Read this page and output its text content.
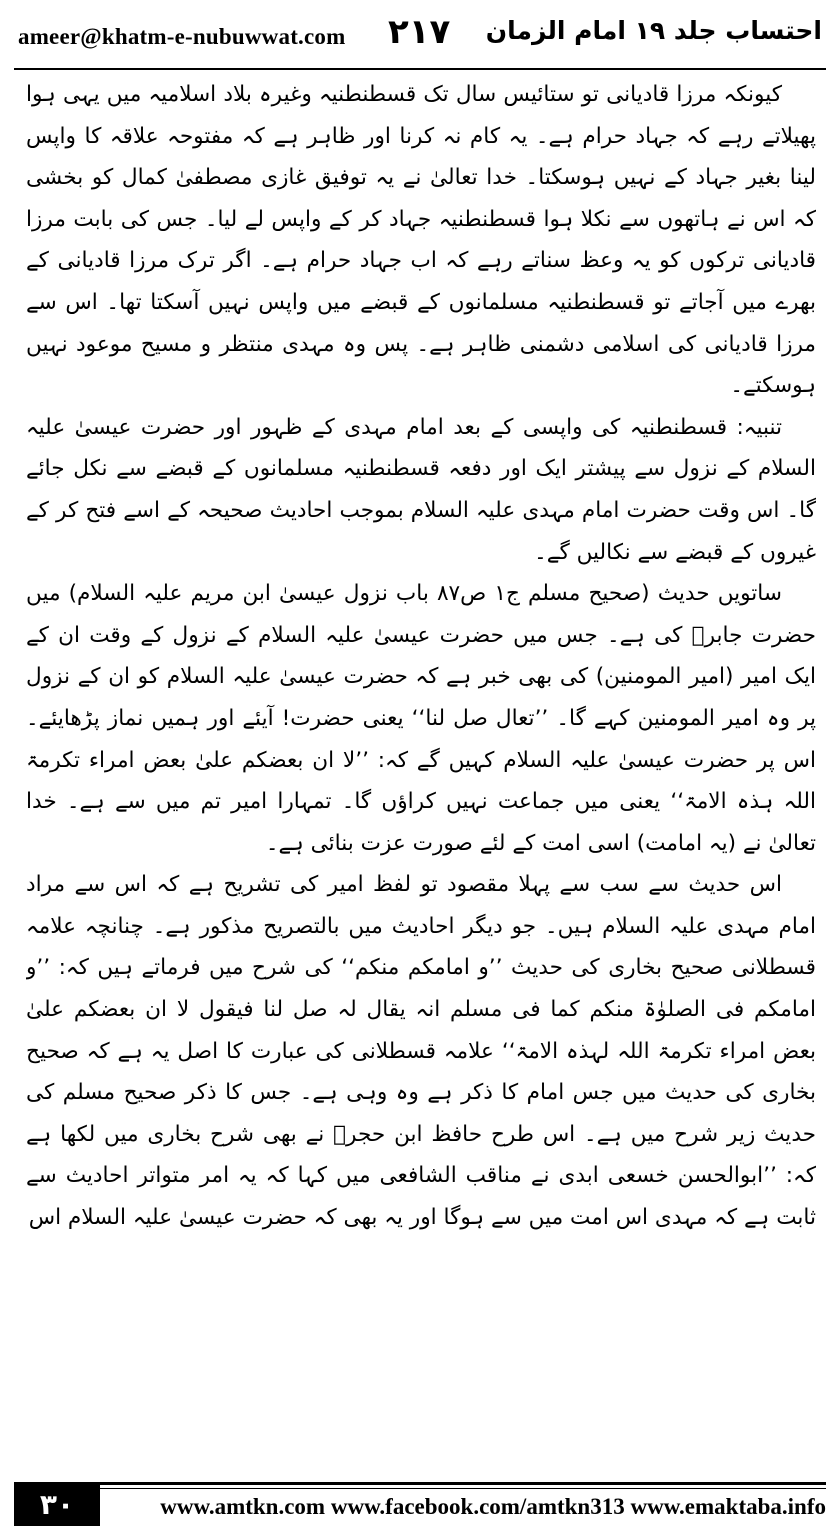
ameer@khatm-e-nubuwwat.com ۲۱۷ احتساب جلد ۱۹ امام الزمان

کیونکہ مرزا قادیانی تو ستائیس سال تک قسطنطنیہ وغیرہ بلاد اسلامیہ میں یہی ہوا پھیلاتے رہے کہ جہاد حرام ہے۔ یہ کام نہ کرنا اور ظاہر ہے کہ مفتوحہ علاقہ کا واپس لینا بغیر جہاد کے نہیں ہوسکتا۔ خدا تعالیٰ نے یہ توفیق غازی مصطفیٰ کمال کو بخشی کہ اس نے ہاتھوں سے نکلا ہوا قسطنطنیہ جہاد کر کے واپس لے لیا۔ جس کی بابت مرزا قادیانی ترکوں کو یہ وعظ سناتے رہے کہ اب جہاد حرام ہے۔ اگر ترک مرزا قادیانی کے بھرے میں آجاتے تو قسطنطنیہ مسلمانوں کے قبضے میں واپس نہیں آسکتا تھا۔ اس سے مرزا قادیانی کی اسلامی دشمنی ظاہر ہے۔ پس وہ مہدی منتظر و مسیح موعود نہیں ہوسکتے۔

تنبیہ: قسطنطنیہ کی واپسی کے بعد امام مہدی کے ظہور اور حضرت عیسیٰ علیہ السلام کے نزول سے پیشتر ایک اور دفعہ قسطنطنیہ مسلمانوں کے قبضے سے نکل جائے گا۔ اس وقت حضرت امام مہدی علیہ السلام بموجب احادیث صحیحہ کے اسے فتح کر کے غیروں کے قبضے سے نکالیں گے۔

ساتویں حدیث (صحیح مسلم ج۱ ص۸۷ باب نزول عیسیٰ ابن مریم علیہ السلام) میں حضرت جابرؓ کی ہے۔ جس میں حضرت عیسیٰ علیہ السلام کے نزول کے وقت ان کے ایک امیر (امیر المومنین) کی بھی خبر ہے کہ حضرت عیسیٰ علیہ السلام کو ان کے نزول پر وہ امیر المومنین کہے گا۔ ’’تعال صل لنا‘‘ یعنی حضرت! آیئے اور ہمیں نماز پڑھایئے۔ اس پر حضرت عیسیٰ علیہ السلام کہیں گے کہ: ’’لا ان بعضکم علیٰ بعض امراء تکرمۃ اللہ ہذہ الامۃ‘‘ یعنی میں جماعت نہیں کراؤں گا۔ تمہارا امیر تم میں سے ہے۔ خدا تعالیٰ نے (یہ امامت) اسی امت کے لئے صورت عزت بنائی ہے۔

اس حدیث سے سب سے پہلا مقصود تو لفظ امیر کی تشریح ہے کہ اس سے مراد امام مہدی علیہ السلام ہیں۔ جو دیگر احادیث میں بالتصریح مذکور ہے۔ چنانچہ علامہ قسطلانی صحیح بخاری کی حدیث ’’و امامکم منکم‘‘ کی شرح میں فرماتے ہیں کہ: ’’و امامکم فی الصلوٰۃ منکم کما فی مسلم انہ یقال لہ صل لنا فیقول لا ان بعضکم علیٰ بعض امراء تکرمۃ اللہ لہذہ الامۃ‘‘ علامہ قسطلانی کی عبارت کا اصل یہ ہے کہ صحیح بخاری کی حدیث میں جس امام کا ذکر ہے وہ وہی ہے۔ جس کا ذکر صحیح مسلم کی حدیث زیر شرح میں ہے۔ اس طرح حافظ ابن حجرؒ نے بھی شرح بخاری میں لکھا ہے کہ: ’’ابوالحسن خسعی ابدی نے مناقب الشافعی میں کہا کہ یہ امر متواتر احادیث سے ثابت ہے کہ مہدی اس امت میں سے ہوگا اور یہ بھی کہ حضرت عیسیٰ علیہ السلام اس

۳۰	www.amtkn.com www.facebook.com/amtkn313 www.emaktaba.info
